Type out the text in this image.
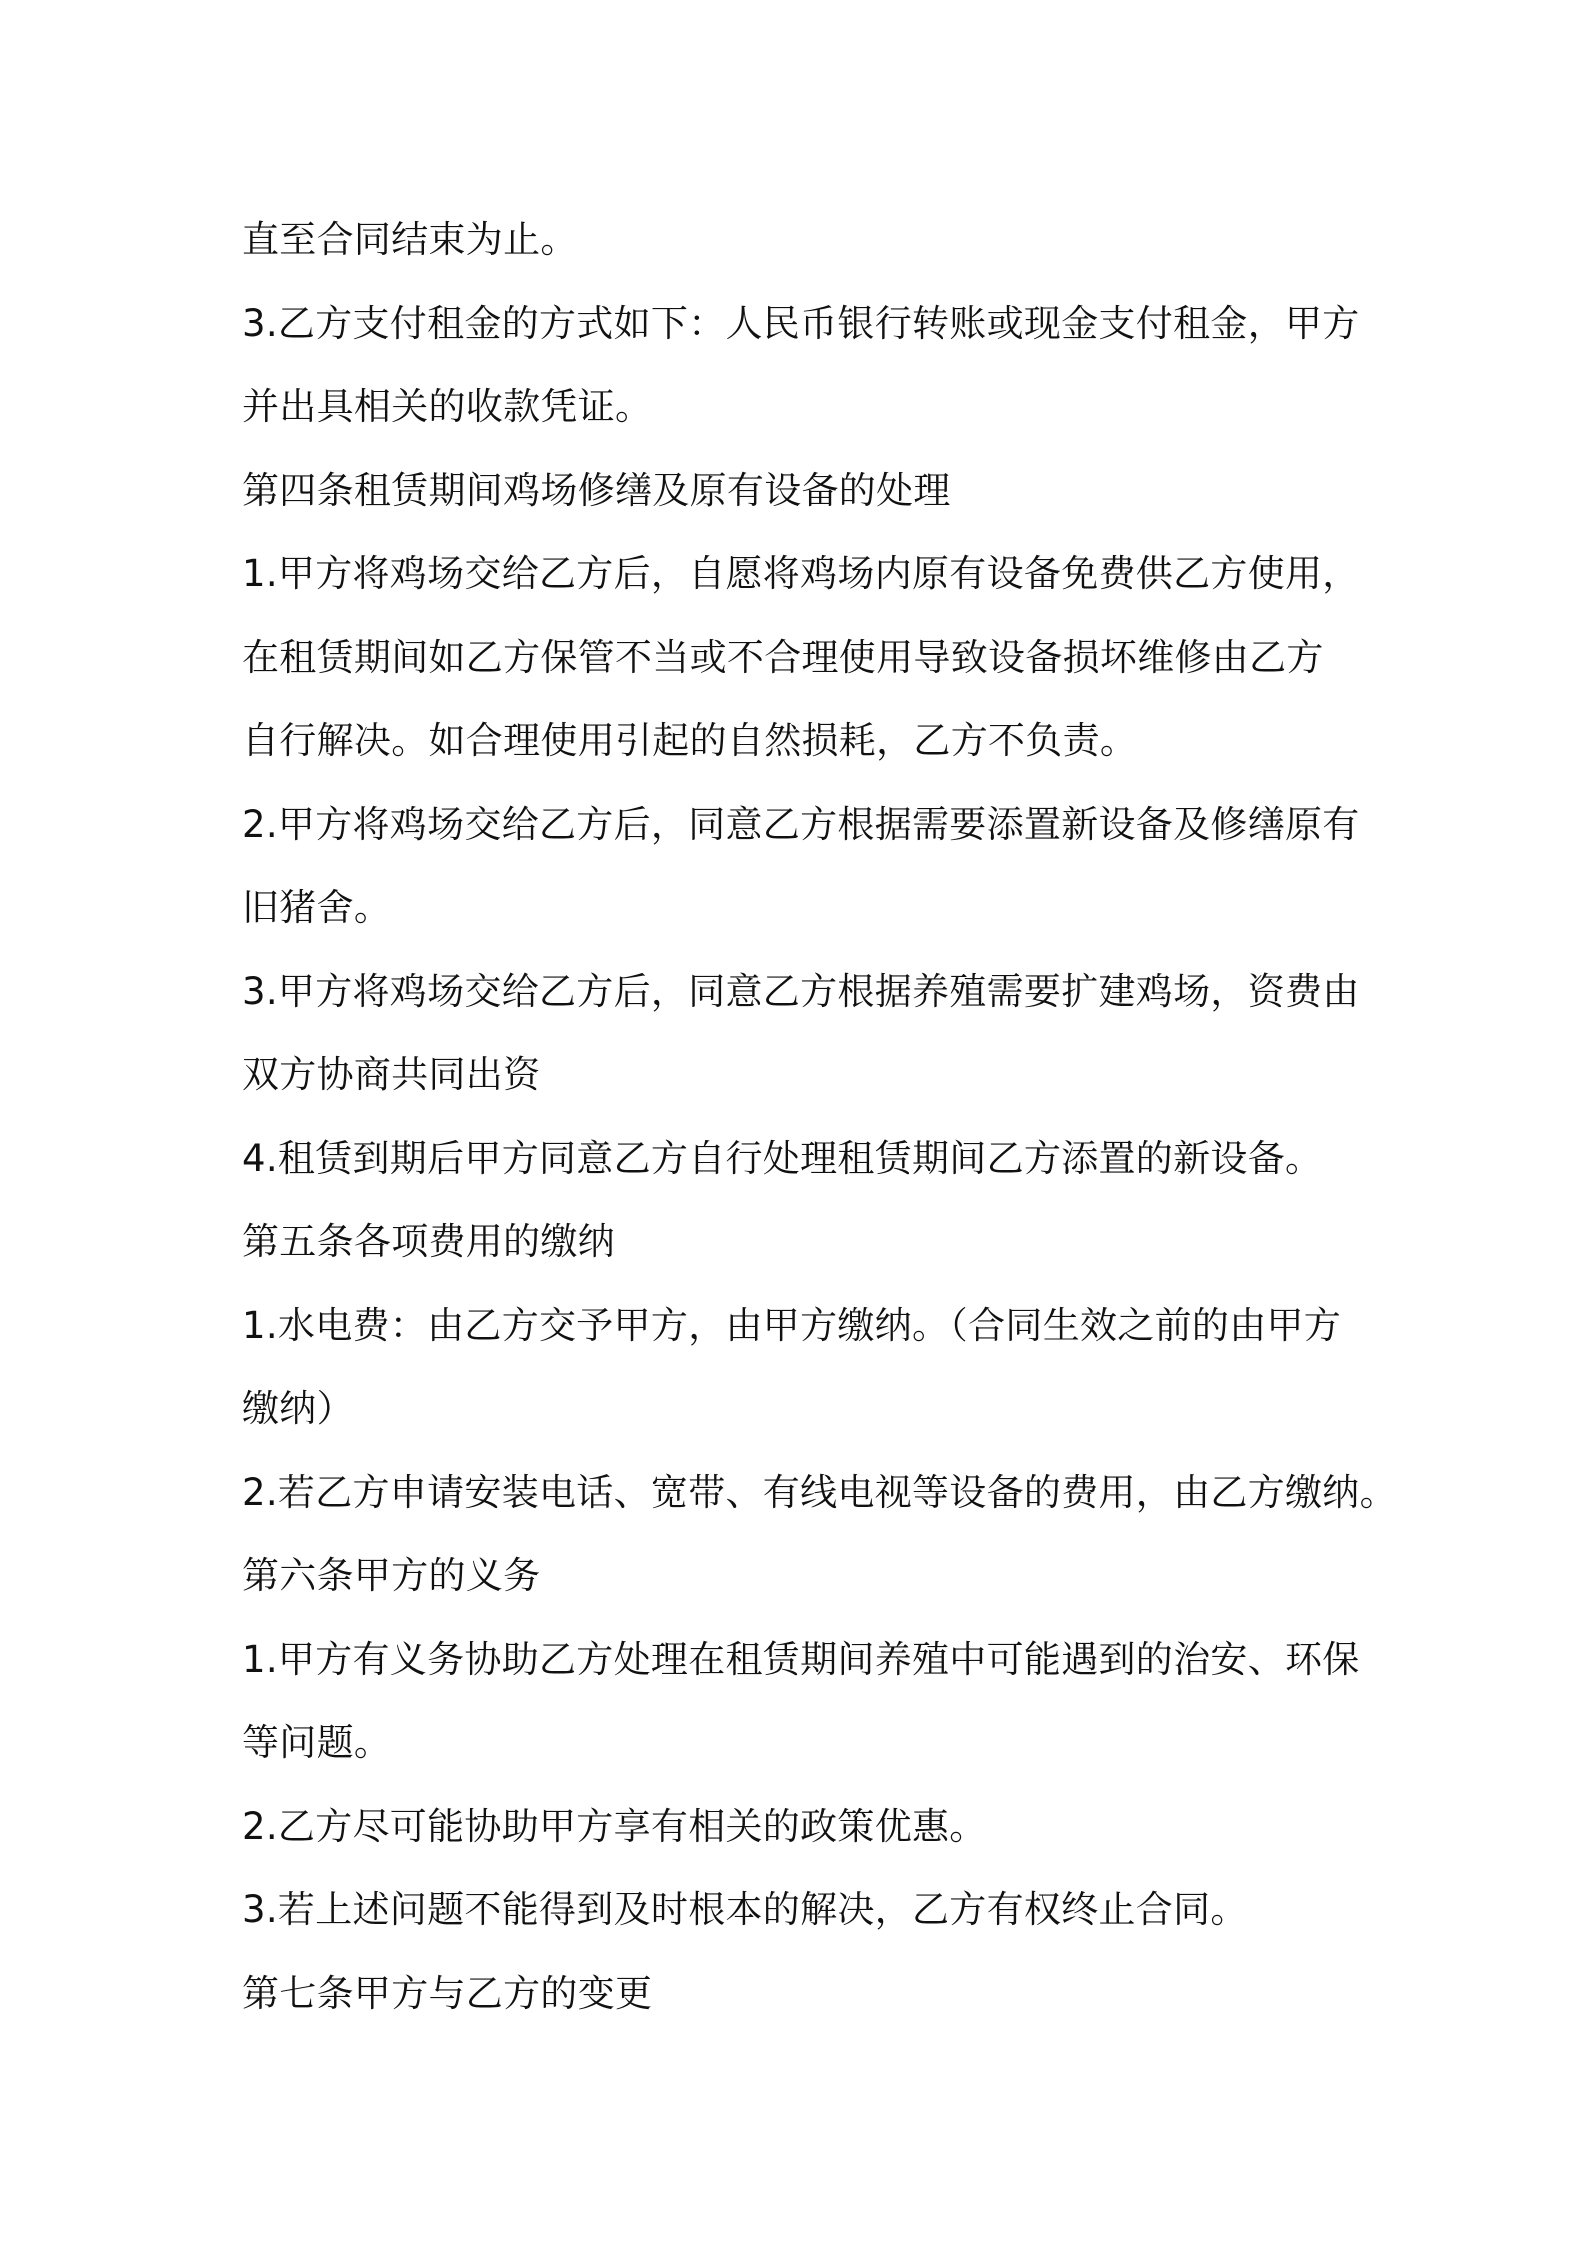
直至合同结束为止。
3.乙方支付租金的方式如下：人民币银行转账或现金支付租金，甲方
并出具相关的收款凭证。
第四条租赁期间鸡场修缮及原有设备的处理
1.甲方将鸡场交给乙方后，自愿将鸡场内原有设备免费供乙方使用，
在租赁期间如乙方保管不当或不合理使用导致设备损坏维修由乙方
自行解决。如合理使用引起的自然损耗，乙方不负责。
2.甲方将鸡场交给乙方后，同意乙方根据需要添置新设备及修缮原有
旧猪舍。
3.甲方将鸡场交给乙方后，同意乙方根据养殖需要扩建鸡场，资费由
双方协商共同出资
4.租赁到期后甲方同意乙方自行处理租赁期间乙方添置的新设备。
第五条各项费用的缴纳
1.水电费：由乙方交予甲方，由甲方缴纳。（合同生效之前的由甲方
缴纳）
2.若乙方申请安装电话、宽带、有线电视等设备的费用，由乙方缴纳。
第六条甲方的义务
1.甲方有义务协助乙方处理在租赁期间养殖中可能遇到的治安、环保
等问题。
2.乙方尽可能协助甲方享有相关的政策优惠。
3.若上述问题不能得到及时根本的解决，乙方有权终止合同。
第七条甲方与乙方的变更
